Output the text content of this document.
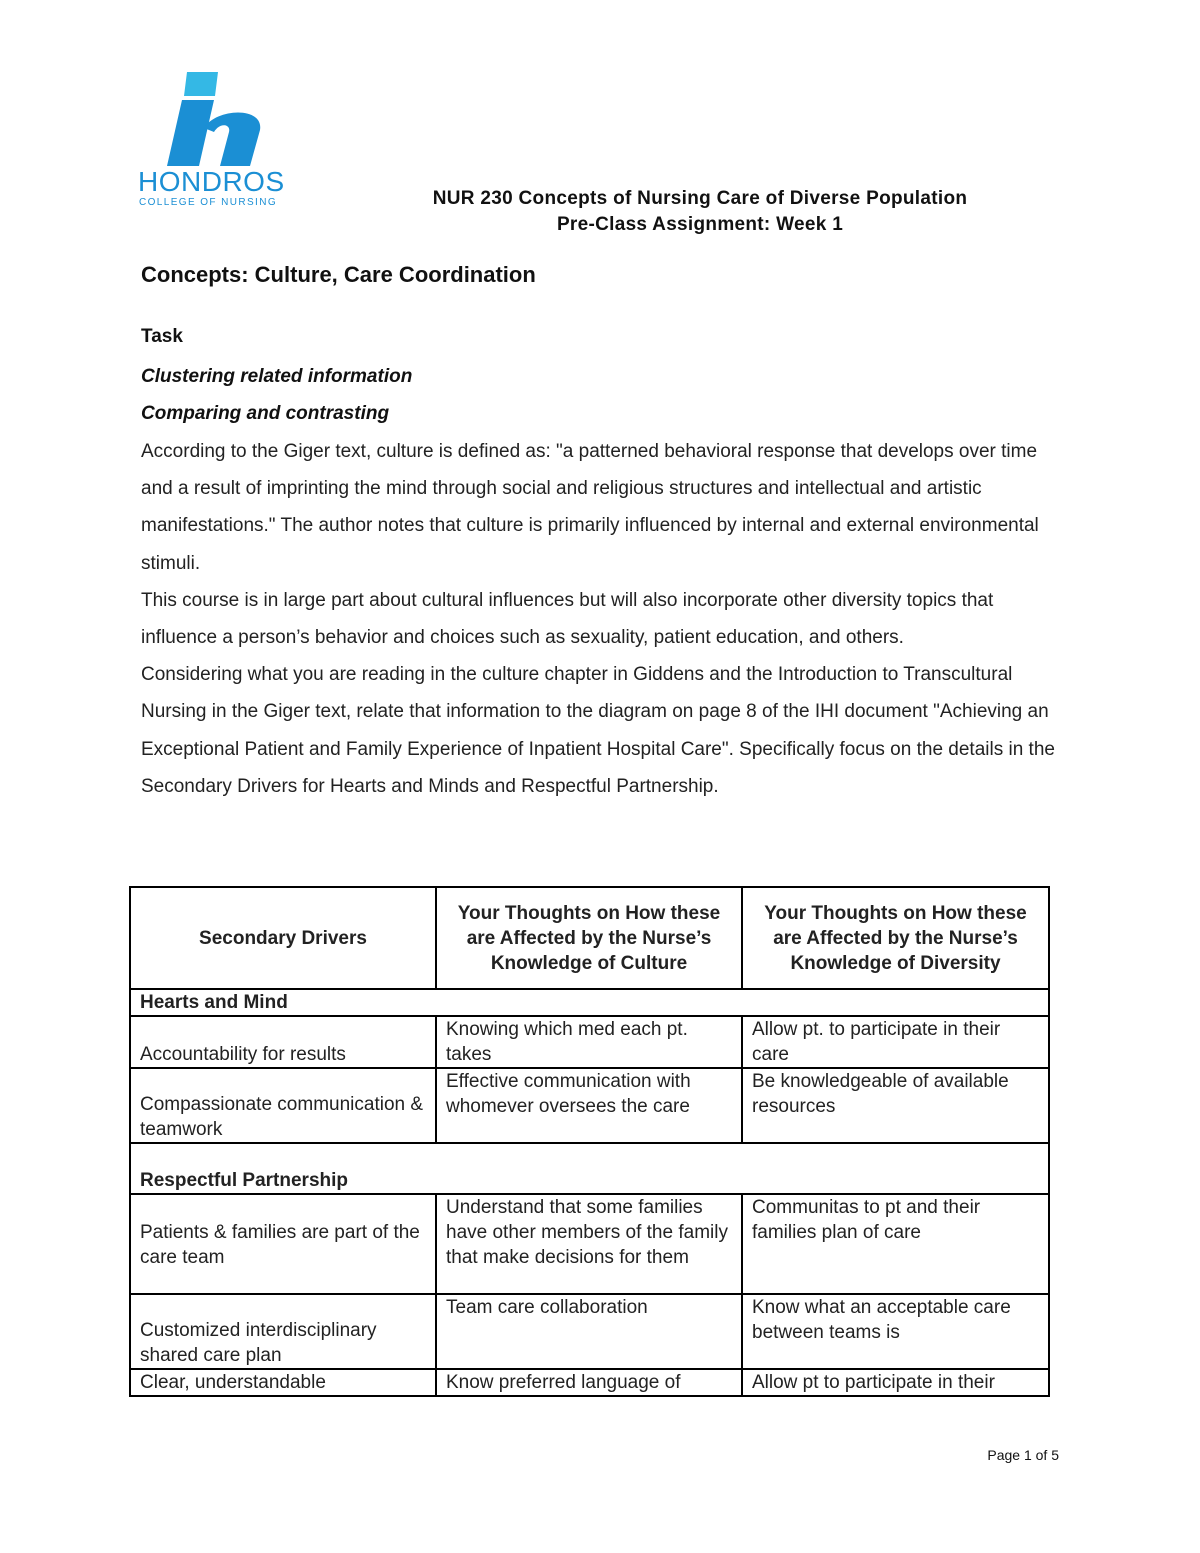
HONDROS
COLLEGE OF NURSING	NUR 230 Concepts of Nursing Care of Diverse Population
Pre-Class Assignment: Week 1
Concepts: Culture, Care Coordination
Task
Clustering related information
Comparing and contrasting

According to the Giger text, culture is defined as: "a patterned behavioral response that develops over time and a result of imprinting the mind through social and religious structures and intellectual and artistic manifestations." The author notes that culture is primarily influenced by internal and external environmental stimuli.

This course is in large part about cultural influences but will also incorporate other diversity topics that influence a person’s behavior and choices such as sexuality, patient education, and others.

Considering what you are reading in the culture chapter in Giddens and the Introduction to Transcultural Nursing in the Giger text, relate that information to the diagram on page 8 of the IHI document "Achieving an Exceptional Patient and Family Experience of Inpatient Hospital Care". Specifically focus on the details in the Secondary Drivers for Hearts and Minds and Respectful Partnership.

Secondary Drivers	Your Thoughts on How these are Affected by the Nurse’s Knowledge of Culture	Your Thoughts on How these are Affected by the Nurse’s Knowledge of Diversity
Hearts and Mind		
Accountability for results	Knowing which med each pt. takes	Allow pt. to participate in their care
Compassionate communication & teamwork	Effective communication with whomever oversees the care	Be knowledgeable of available resources
Respectful Partnership		
Patients & families are part of the care team	Understand that some families have other members of the family that make decisions for them	Communitas to pt and their families plan of care
Customized interdisciplinary shared care plan	Team care collaboration	Know what an acceptable care between teams is
Clear, understandable	Know preferred language of	Allow pt to participate in their
Page 1 of 5
